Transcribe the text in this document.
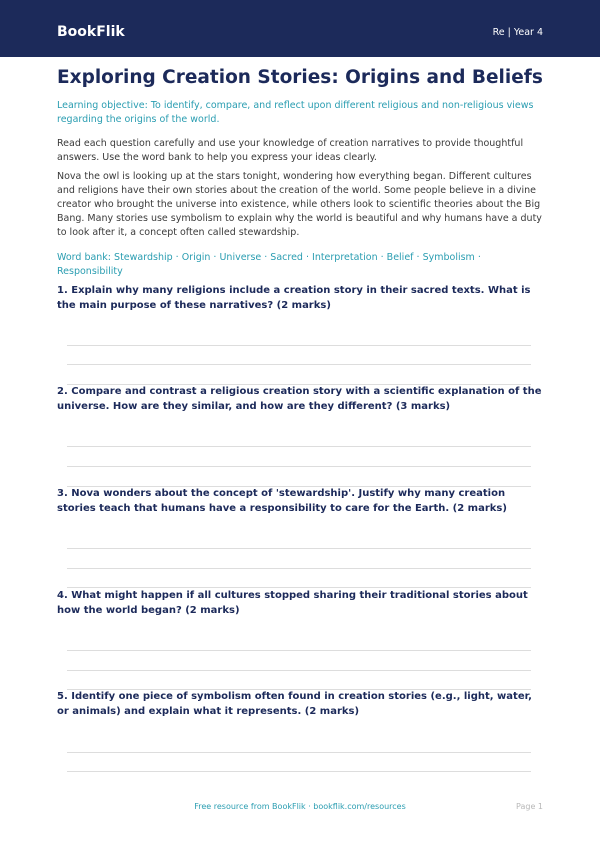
BookFlik	Re | Year 4
Exploring Creation Stories: Origins and Beliefs

Learning objective: To identify, compare, and reflect upon different religious and non-religious views regarding the origins of the world.

Read each question carefully and use your knowledge of creation narratives to provide thoughtful answers. Use the word bank to help you express your ideas clearly.

Nova the owl is looking up at the stars tonight, wondering how everything began. Different cultures and religions have their own stories about the creation of the world. Some people believe in a divine creator who brought the universe into existence, while others look to scientific theories about the Big Bang. Many stories use symbolism to explain why the world is beautiful and why humans have a duty to look after it, a concept often called stewardship.

Word bank: Stewardship · Origin · Universe · Sacred · Interpretation · Belief · Symbolism · Responsibility

1. Explain why many religions include a creation story in their sacred texts. What is the main purpose of these narratives? (2 marks)

2. Compare and contrast a religious creation story with a scientific explanation of the universe. How are they similar, and how are they different? (3 marks)

3. Nova wonders about the concept of 'stewardship'. Justify why many creation stories teach that humans have a responsibility to care for the Earth. (2 marks)

4. What might happen if all cultures stopped sharing their traditional stories about how the world began? (2 marks)

5. Identify one piece of symbolism often found in creation stories (e.g., light, water, or animals) and explain what it represents. (2 marks)

Free resource from BookFlik · bookflik.com/resources	Page 1
